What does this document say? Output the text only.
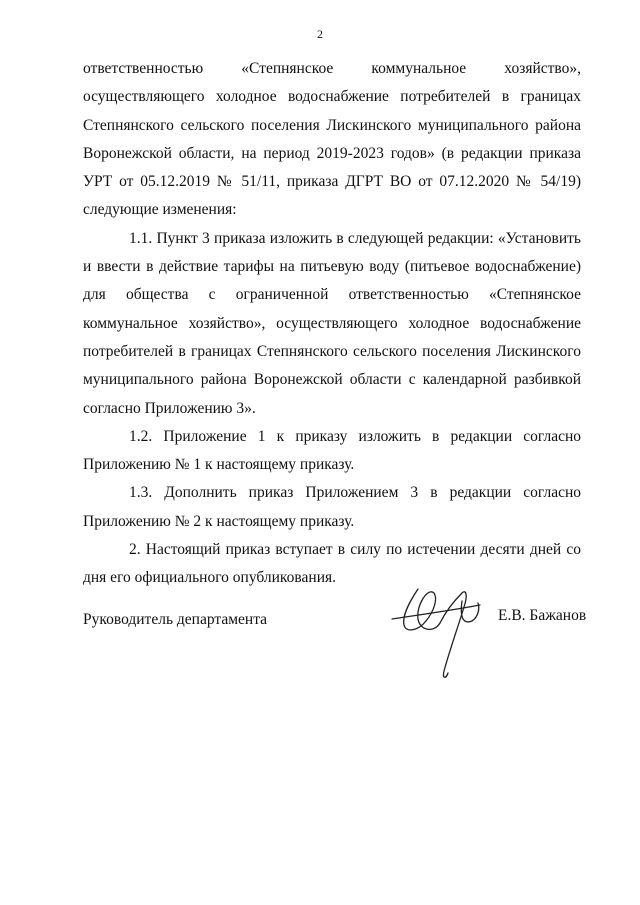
2

ответственностью «Степнянское коммунальное хозяйство», осуществляющего холодное водоснабжение потребителей в границах Степнянского сельского поселения Лискинского муниципального района Воронежской области, на период 2019-2023 годов» (в редакции приказа УРТ от 05.12.2019 № 51/11, приказа ДГРТ ВО от 07.12.2020 № 54/19) следующие изменения:

1.1. Пункт 3 приказа изложить в следующей редакции: «Установить и ввести в действие тарифы на питьевую воду (питьевое водоснабжение) для общества с ограниченной ответственностью «Степнянское коммунальное хозяйство», осуществляющего холодное водоснабжение потребителей в границах Степнянского сельского поселения Лискинского муниципального района Воронежской области с календарной разбивкой согласно Приложению 3».

1.2. Приложение 1 к приказу изложить в редакции согласно Приложению № 1 к настоящему приказу.

1.3. Дополнить приказ Приложением 3 в редакции согласно Приложению № 2 к настоящему приказу.

2. Настоящий приказ вступает в силу по истечении десяти дней со дня его официального опубликования.

Руководитель департамента	Е.В. Бажанов
